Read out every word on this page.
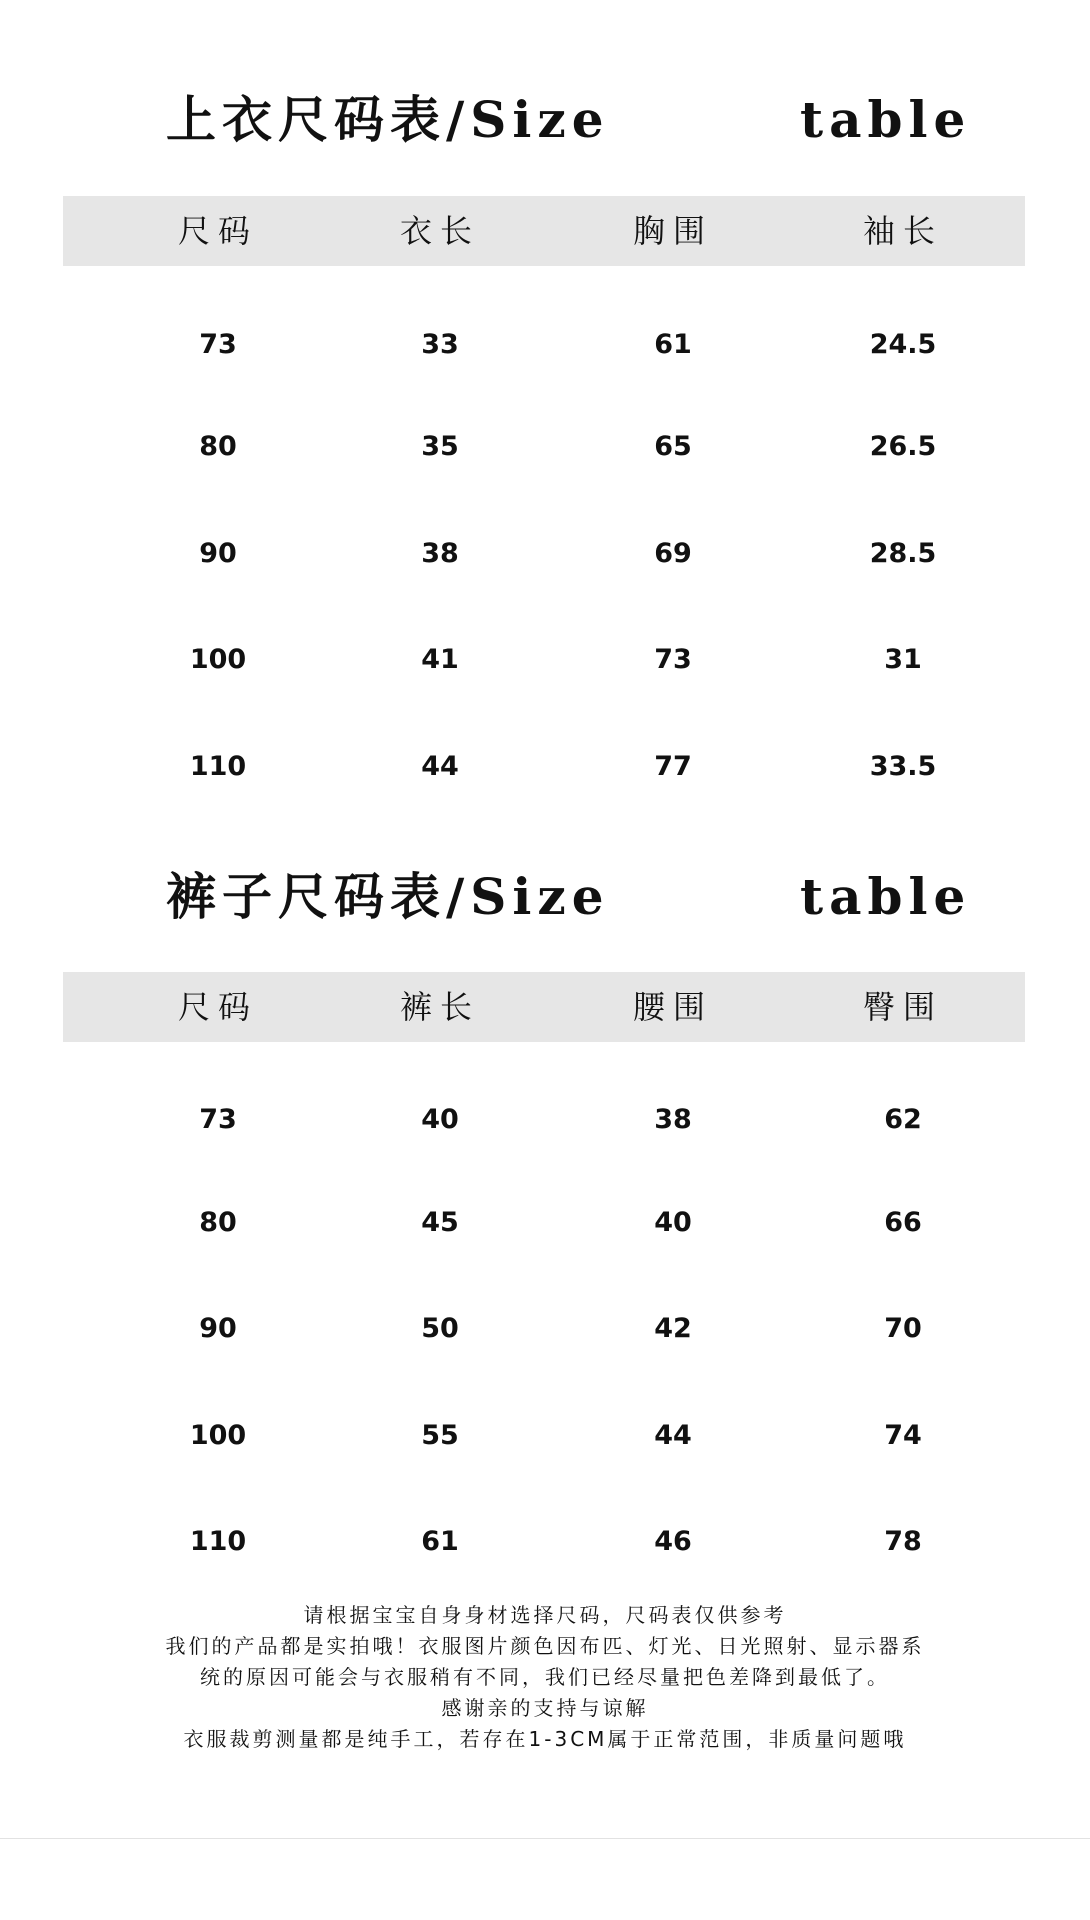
上衣尺码表/Size	table
尺码	衣长	胸围	袖长
73	33	61	24.5
80	35	65	26.5
90	38	69	28.5
100	41	73	31
110	44	77	33.5
裤子尺码表/Size	table
尺码	裤长	腰围	臀围
73	40	38	62
80	45	40	66
90	50	42	70
100	55	44	74
110	61	46	78
请根据宝宝自身身材选择尺码，尺码表仅供参考
我们的产品都是实拍哦！衣服图片颜色因布匹、灯光、日光照射、显示器系
统的原因可能会与衣服稍有不同，我们已经尽量把色差降到最低了。
感谢亲的支持与谅解
衣服裁剪测量都是纯手工，若存在1-3CM属于正常范围，非质量问题哦
